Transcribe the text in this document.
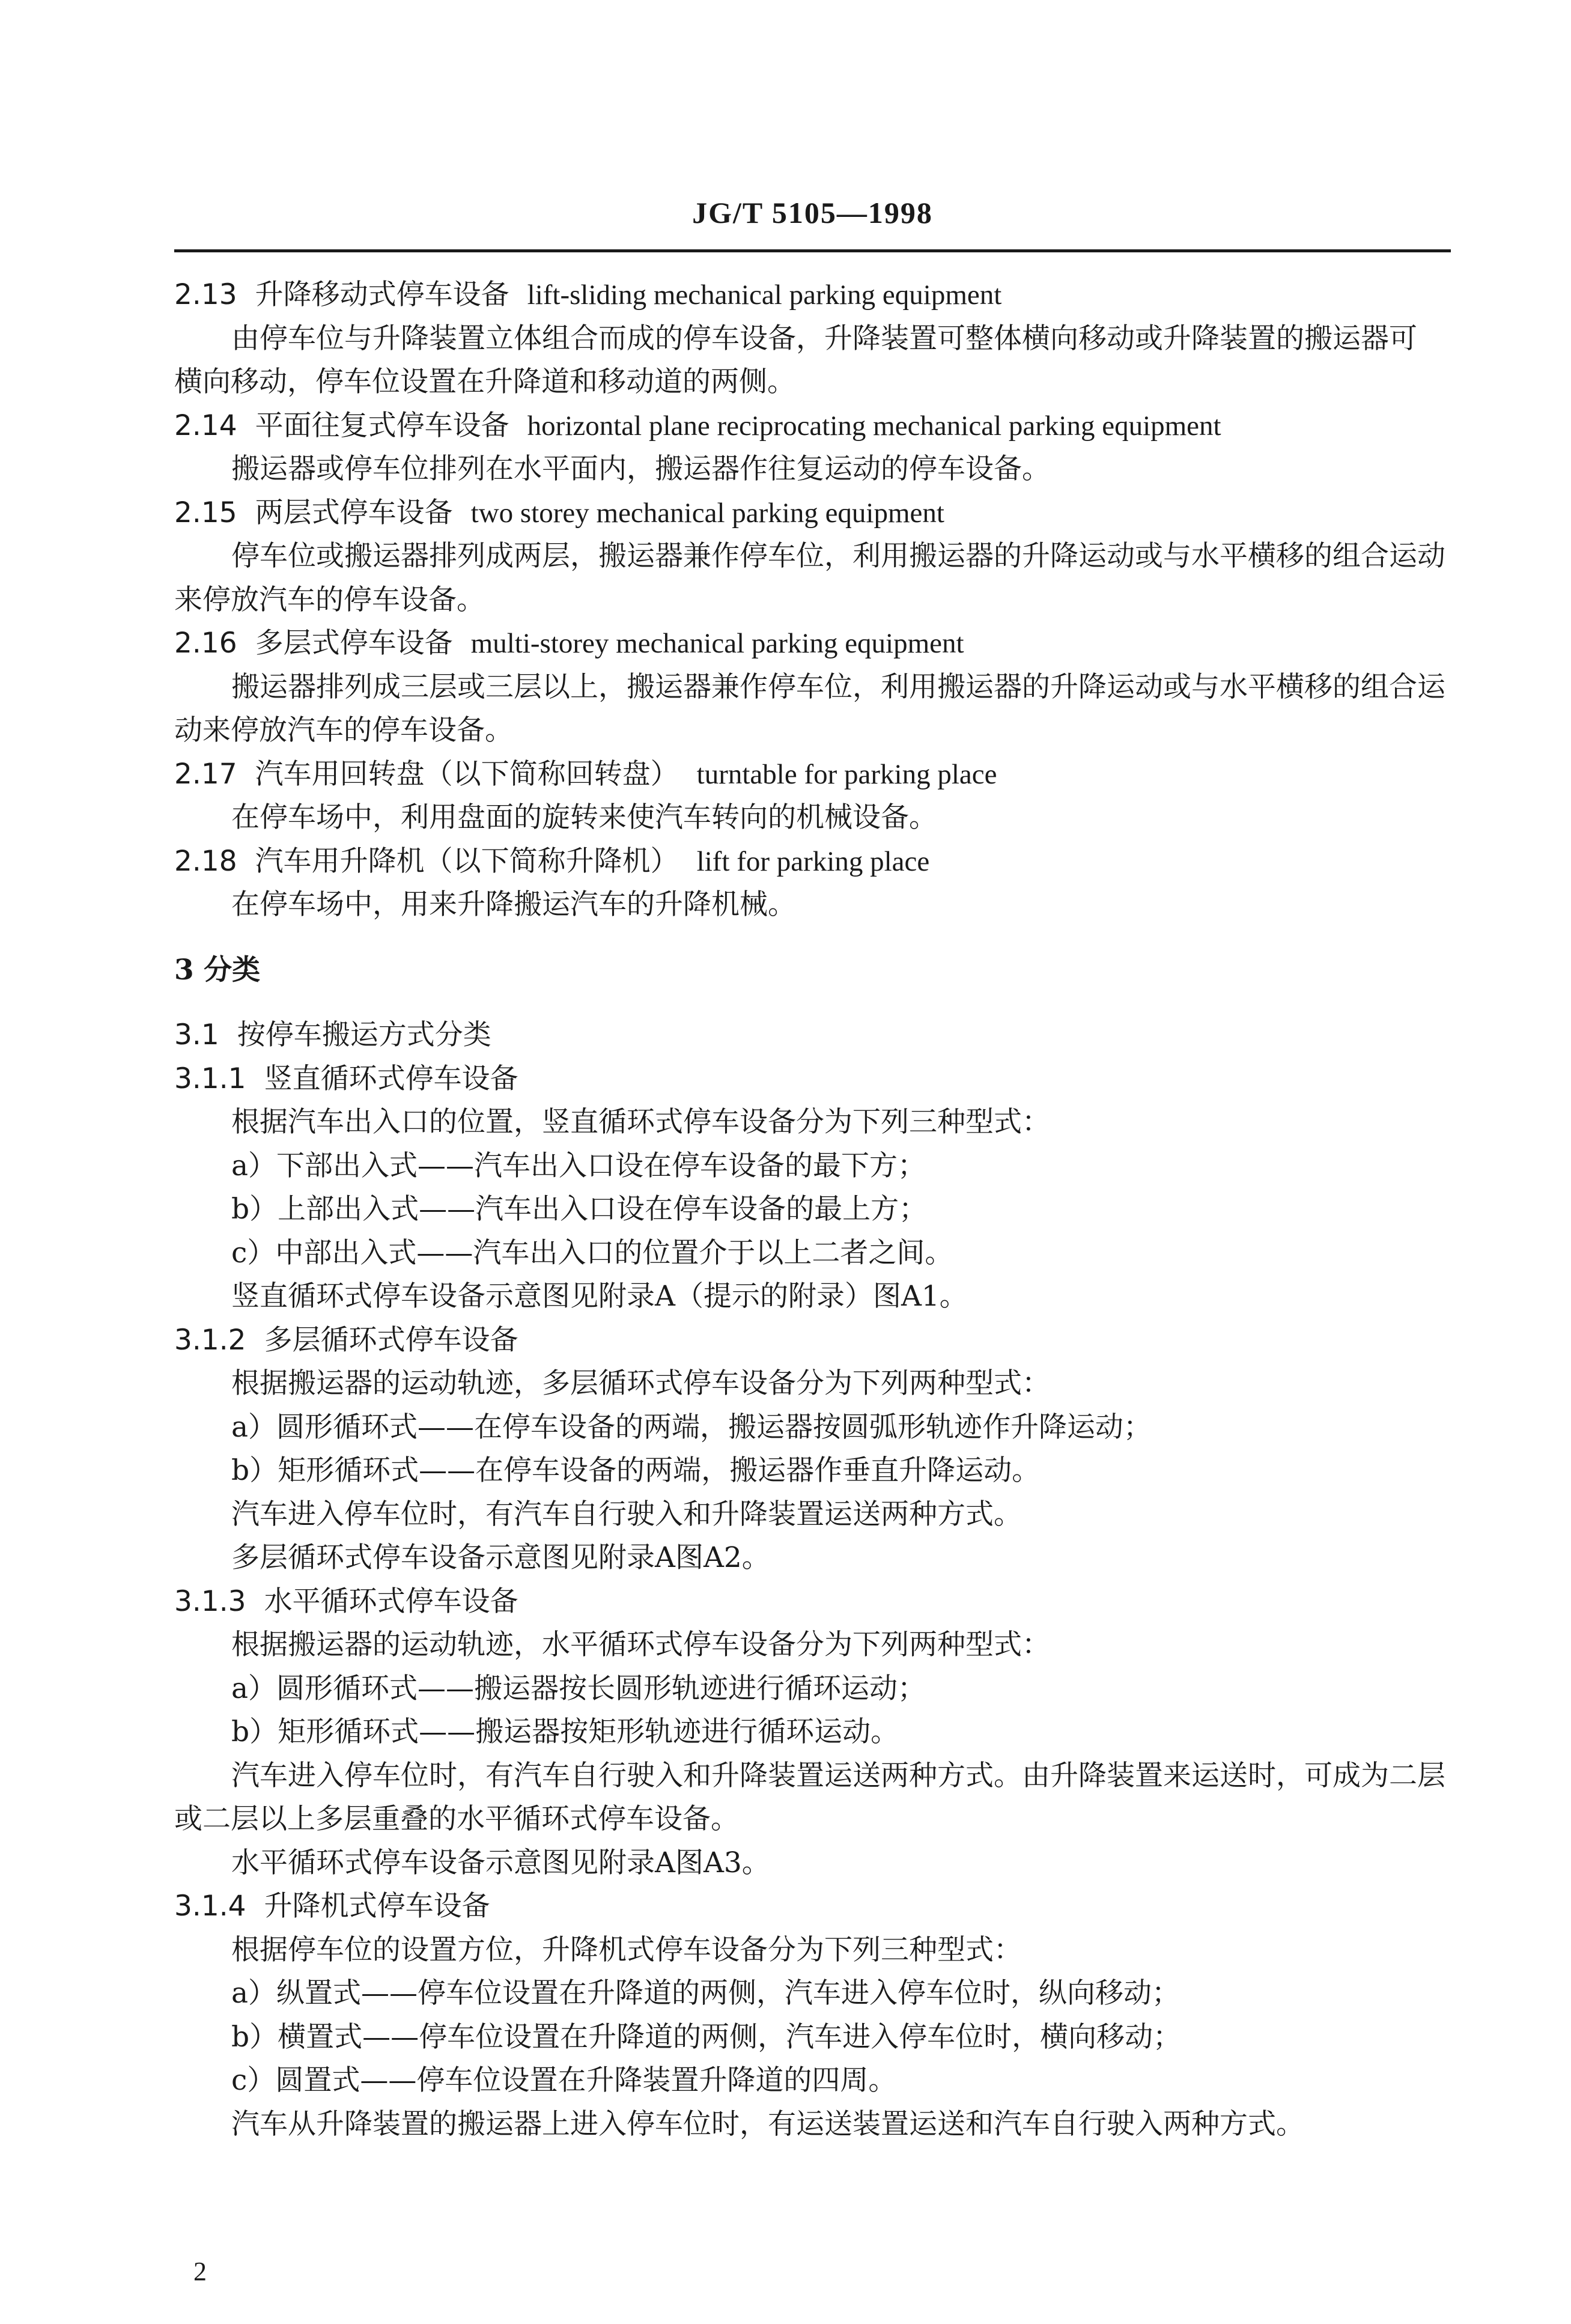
JG/T 5105—1998
2.13 升降移动式停车设备 lift-sliding mechanical parking equipment
由停车位与升降装置立体组合而成的停车设备，升降装置可整体横向移动或升降装置的搬运器可
横向移动，停车位设置在升降道和移动道的两侧。
2.14 平面往复式停车设备 horizontal plane reciprocating mechanical parking equipment
搬运器或停车位排列在水平面内，搬运器作往复运动的停车设备。
2.15 两层式停车设备 two storey mechanical parking equipment
停车位或搬运器排列成两层，搬运器兼作停车位，利用搬运器的升降运动或与水平横移的组合运动
来停放汽车的停车设备。
2.16 多层式停车设备 multi-storey mechanical parking equipment
搬运器排列成三层或三层以上，搬运器兼作停车位，利用搬运器的升降运动或与水平横移的组合运
动来停放汽车的停车设备。
2.17 汽车用回转盘（以下简称回转盘） turntable for parking place
在停车场中，利用盘面的旋转来使汽车转向的机械设备。
2.18 汽车用升降机（以下简称升降机） lift for parking place
在停车场中，用来升降搬运汽车的升降机械。
3 分类
3.1 按停车搬运方式分类
3.1.1 竖直循环式停车设备
根据汽车出入口的位置，竖直循环式停车设备分为下列三种型式：
a）下部出入式——汽车出入口设在停车设备的最下方；
b）上部出入式——汽车出入口设在停车设备的最上方；
c）中部出入式——汽车出入口的位置介于以上二者之间。
竖直循环式停车设备示意图见附录A（提示的附录）图A1。
3.1.2 多层循环式停车设备
根据搬运器的运动轨迹，多层循环式停车设备分为下列两种型式：
a）圆形循环式——在停车设备的两端，搬运器按圆弧形轨迹作升降运动；
b）矩形循环式——在停车设备的两端，搬运器作垂直升降运动。
汽车进入停车位时，有汽车自行驶入和升降装置运送两种方式。
多层循环式停车设备示意图见附录A图A2。
3.1.3 水平循环式停车设备
根据搬运器的运动轨迹，水平循环式停车设备分为下列两种型式：
a）圆形循环式——搬运器按长圆形轨迹进行循环运动；
b）矩形循环式——搬运器按矩形轨迹进行循环运动。
汽车进入停车位时，有汽车自行驶入和升降装置运送两种方式。由升降装置来运送时，可成为二层
或二层以上多层重叠的水平循环式停车设备。
水平循环式停车设备示意图见附录A图A3。
3.1.4 升降机式停车设备
根据停车位的设置方位，升降机式停车设备分为下列三种型式：
a）纵置式——停车位设置在升降道的两侧，汽车进入停车位时，纵向移动；
b）横置式——停车位设置在升降道的两侧，汽车进入停车位时，横向移动；
c）圆置式——停车位设置在升降装置升降道的四周。
汽车从升降装置的搬运器上进入停车位时，有运送装置运送和汽车自行驶入两种方式。
2
